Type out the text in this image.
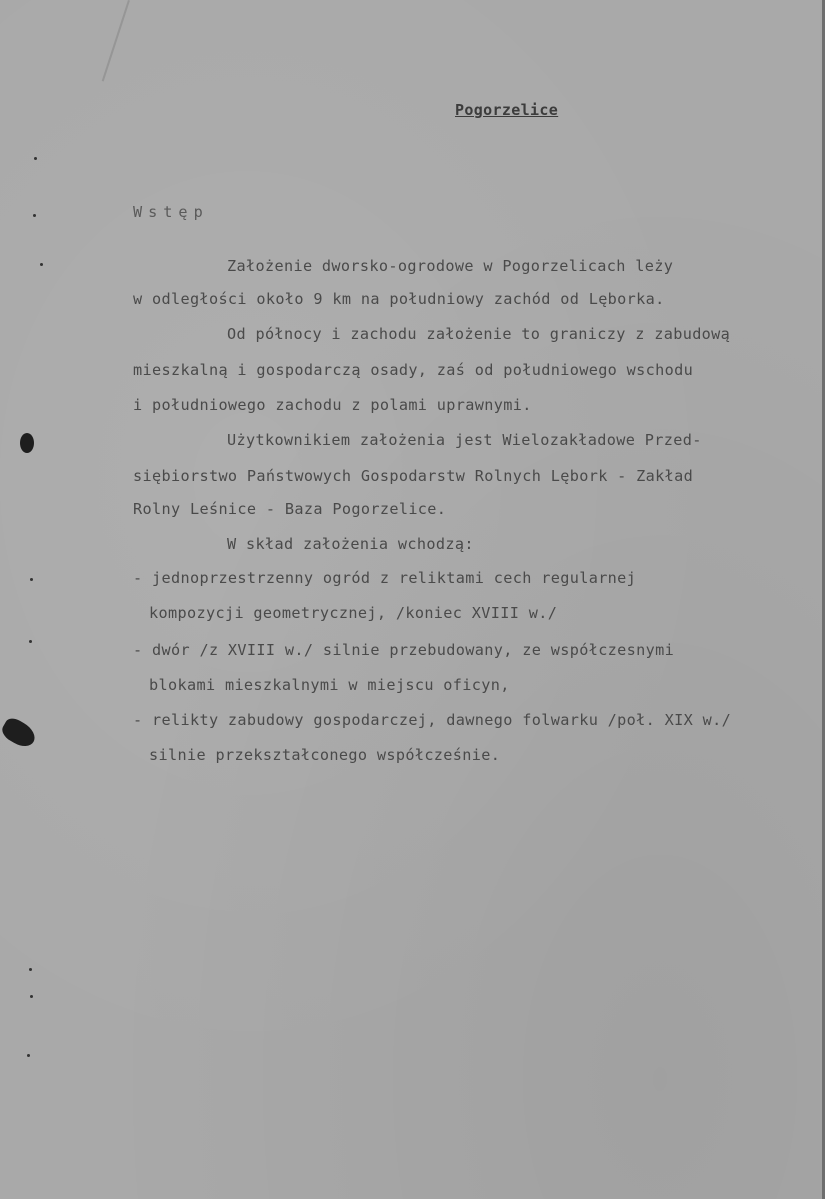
Pogorzelice
Wstęp
Założenie dworsko-ogrodowe w Pogorzelicach leży
w odległości około 9 km na południowy zachód od Lęborka.
Od północy i zachodu założenie to graniczy z zabudową
mieszkalną i gospodarczą osady, zaś od południowego wschodu
i południowego zachodu z polami uprawnymi.
Użytkownikiem założenia jest Wielozakładowe Przed-
siębiorstwo Państwowych Gospodarstw Rolnych Lębork - Zakład
Rolny Leśnice - Baza Pogorzelice.
W skład założenia wchodzą:
- jednoprzestrzenny ogród z reliktami cech regularnej
kompozycji geometrycznej, /koniec XVIII w./
- dwór /z XVIII w./ silnie przebudowany, ze współczesnymi
blokami mieszkalnymi w miejscu oficyn,
- relikty zabudowy gospodarczej, dawnego folwarku /poł. XIX w./
silnie przekształconego współcześnie.
